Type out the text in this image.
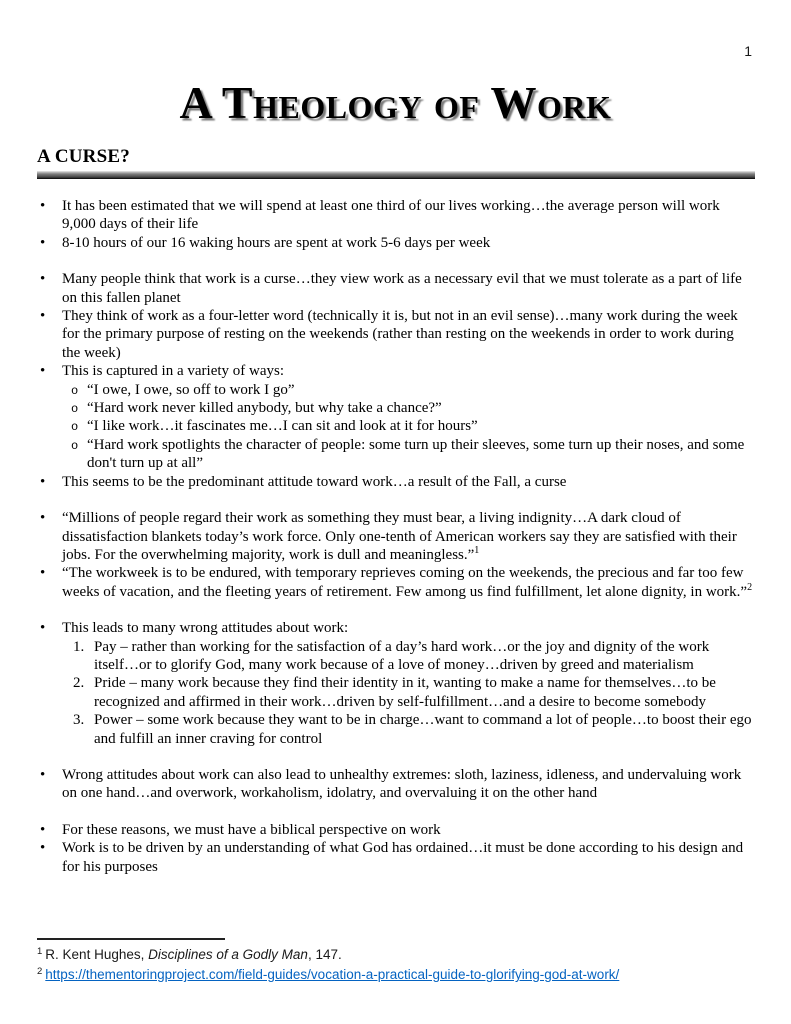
1
A Theology of Work
A CURSE?
• It has been estimated that we will spend at least one third of our lives working…the average person will work 9,000 days of their life
• 8-10 hours of our 16 waking hours are spent at work 5-6 days per week
• Many people think that work is a curse…they view work as a necessary evil that we must tolerate as a part of life on this fallen planet
• They think of work as a four-letter word (technically it is, but not in an evil sense)…many work during the week for the primary purpose of resting on the weekends (rather than resting on the weekends in order to work during the week)
• This is captured in a variety of ways:
o “I owe, I owe, so off to work I go”
o “Hard work never killed anybody, but why take a chance?”
o “I like work…it fascinates me…I can sit and look at it for hours”
o “Hard work spotlights the character of people: some turn up their sleeves, some turn up their noses, and some don't turn up at all”
• This seems to be the predominant attitude toward work…a result of the Fall, a curse
• “Millions of people regard their work as something they must bear, a living indignity…A dark cloud of dissatisfaction blankets today’s work force. Only one-tenth of American workers say they are satisfied with their jobs. For the overwhelming majority, work is dull and meaningless.”$^1$
• “The workweek is to be endured, with temporary reprieves coming on the weekends, the precious and far too few weeks of vacation, and the fleeting years of retirement. Few among us find fulfillment, let alone dignity, in work.”$^2$
• This leads to many wrong attitudes about work:
1. Pay – rather than working for the satisfaction of a day’s hard work…or the joy and dignity of the work itself…or to glorify God, many work because of a love of money…driven by greed and materialism
2. Pride – many work because they find their identity in it, wanting to make a name for themselves…to be recognized and affirmed in their work…driven by self-fulfillment…and a desire to become somebody
3. Power – some work because they want to be in charge…want to command a lot of people…to boost their ego and fulfill an inner craving for control
• Wrong attitudes about work can also lead to unhealthy extremes: sloth, laziness, idleness, and undervaluing work on one hand…and overwork, workaholism, idolatry, and overvaluing it on the other hand
• For these reasons, we must have a biblical perspective on work
• Work is to be driven by an understanding of what God has ordained…it must be done according to his design and for his purposes
$^1$ R. Kent Hughes, Disciplines of a Godly Man, 147.
$^2$ https://thementoringproject.com/field-guides/vocation-a-practical-guide-to-glorifying-god-at-work/
